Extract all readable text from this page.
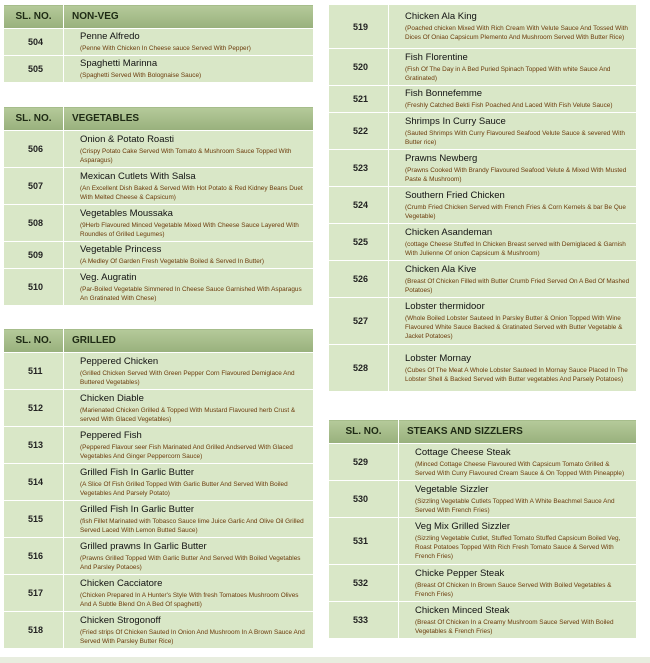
SL. NO.	NON-VEG
504	Penne Alfredo
(Penne With Chicken In Cheese sauce Served With Pepper)

505	Spaghetti Marinna
(Spaghetti Served With Bolognaise Sauce)
SL. NO.	VEGETABLES
506	Onion & Potato Roasti
(Crispy Potato Cake Served With Tomato & Mushroom Sauce Topped With Asparagus)

507	Mexican Cutlets With Salsa
(An Excellent Dish Baked & Served With Hot Potato & Red Kidney Beans Duet With Melted Cheese & Capsicum)

508	Vegetables Moussaka
(9Herb Flavoured Minced Vegetable Mixed With Cheese Sauce Layered With Roundles of Grilled Legumes)

509	Vegetable Princess
(A Medley Of Garden Fresh Vegetable Boiled & Served In Butter)

510	Veg. Augratin
(Par-Boiled Vegetable Simmered In Cheese Sauce Garnished With Asparagus An Gratinated With Chese)
SL. NO.	GRILLED
511	Peppered Chicken
(Grilled Chicken Served With Green Pepper Corn Flavoured Demiglace And Buttered Vegetables)

512	Chicken Diable
(Marienated Chicken Grilled & Topped With Mustard Flavoured herb Crust & served With Glaced Vegetables)

513	Peppered Fish
(Peppered Flavour seer Fish Marinated And Grilled Andserved With Glaced Vegetables And Ginger Peppercorn Sauce)

514	Grilled Fish In Garlic Butter
(A Slice Of Fish Grilled Topped With Garlic Butter And Served With Boiled Vegetables And Parsely Potato)

515	Grilled Fish In Garlic Butter
(fish Fillet Marinated with Tobasco Sauce lime Juice Garlic And Olive Oil Grilled Served Laced With Lemon Butted Sauce)

516	Grilled prawns In Garlic Butter
(Prawns Grilled Topped With Garlic Butter And Served With Boiled Vegetables And Parsley Potaoes)

517	Chicken Cacciatore
(Chicken Prepared In A Hunter's Style With fresh Tomatoes Mushroom Olives And A Subtle Blend On A Bed Of spaghetti)

518	Chicken Strogonoff
(Fried strips Of Chicken Sauted In Onion And Mushroom In A Brown Sauce And Served With Parsley Butter Rice)
519	Chicken Ala King
(Poached chicken Mixed With Rich Cream With Velute Sauce And Tossed With Dices Of Oniao Capsicum Plemento And Mushroom Served With Butter Rice)

520	Fish Florentine
(Fish Of The Day in A Bed Puried Spinach Topped With white Sauce And Gratinated)

521	Fish Bonnefemme
(Freshly Catched Bekti Fish Poached And Laced With Fish Velute Sauce)

522	Shrimps In Curry Sauce
(Sauted Shrimps With Curry Flavoured Seafood Velute Sauce & severed With Butter rice)

523	Prawns Newberg
(Prawns Cooked With Brandy Flavoured Seafood Velute & Mixed With Musted Paste & Mushroom)

524	Southern Fried Chicken
(Crumb Fried Chicken Served with French Fries & Corn Kernels & bar Be Que Vegetable)

525	Chicken Asandeman
(cottage Cheese Stuffed In Chicken Breast served with Demiglaced & Garnish With Julienne Of onion Capsicum & Mushroom)

526	Chicken Ala Kive
(Breast Of Chicken Filled with Butter Crumb Fried Served On A Bed Of Mashed Potatoes)

527	Lobster thermidoor
(Whole Boiled Lobster Sauteed In Parsley Butter & Onion Topped With Wine Flavoured White Sauce Backed & Gratinated Served with Butter Vegetable & Jacket Potatoes)

528	Lobster Mornay
(Cubes Of The Meat A Whole Lobster Sauteed In Mornay Sauce Placed In The Lobster Shell & Backed Served with Butter vegetables And Parsely Potatoes)
SL. NO.	STEAKS AND SIZZLERS
529	Cottage Cheese Steak
(Minced Cottage Cheese Flavoured With Capsicum Tomato Grilled & Served With Curry Flavoured Cream Sauce & On Topped With Pineapple)

530	Vegetable Sizzler
(Sizzling Vegetable Cutlets Topped With A White Beachmel Sauce And Served With French Fries)

531	Veg Mix Grilled Sizzler
(Sizzling Vegetable Cutlet, Stuffed Tomato Stuffed Capsicum Boiled Veg, Roast Potatoes Topped With Rich Fresh Tomato Sauce & Served With French Fries)

532	Chicke Pepper Steak
(Breast Of Chicken In Brown Sauce Served With Boiled Vegetables & French Fries)

533	Chicken Minced Steak
(Breast Of Chicken In a Creamy Mushroom Sauce Served With Boiled Vegetables & French Fries)
